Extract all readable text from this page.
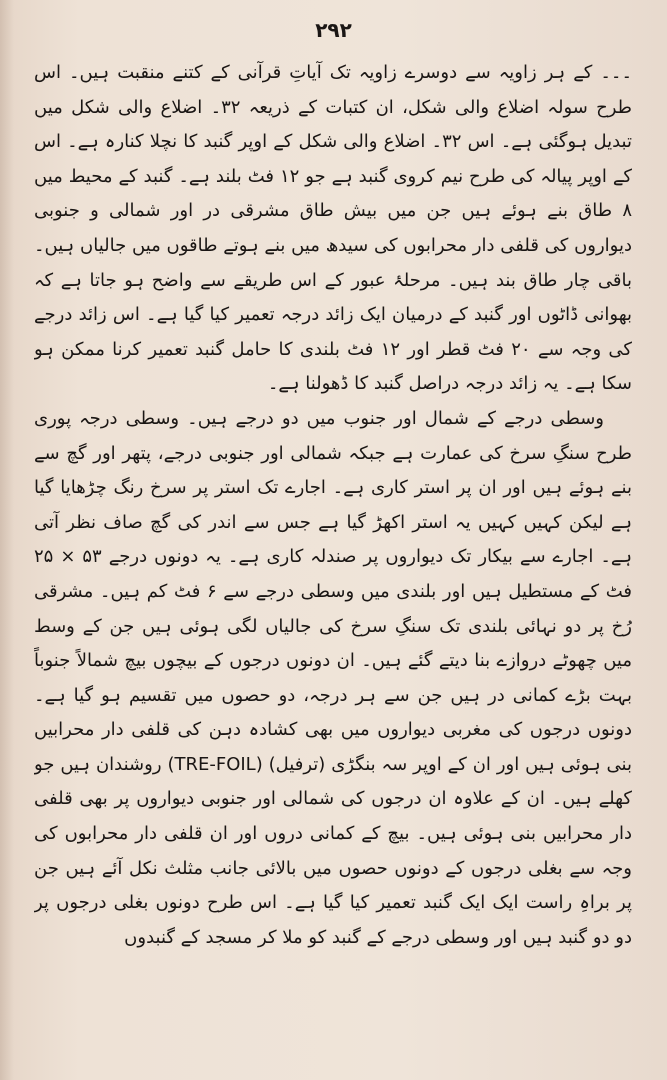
۲۹۲

۔۔۔ کے ہر زاویہ سے دوسرے زاویہ تک آیاتِ قرآنی کے کتنے منقبت ہیں۔ اس طرح سولہ اضلاع والی شکل، ان کتبات کے ذریعہ ۳۲۔ اضلاع والی شکل میں تبدیل ہوگئی ہے۔ اس ۳۲۔ اضلاع والی شکل کے اوپر گنبد کا نچلا کنارہ ہے۔ اس کے اوپر پیالہ کی طرح نیم کروی گنبد ہے جو ۱۲ فٹ بلند ہے۔ گنبد کے محیط میں ۸ طاق بنے ہوئے ہیں جن میں بیش طاق مشرقی در اور شمالی و جنوبی دیواروں کی قلفی دار محرابوں کی سیدھ میں بنے ہوتے طاقوں میں جالیاں ہیں۔ باقی چار طاق بند ہیں۔ مرحلۂ عبور کے اس طریقے سے واضح ہو جاتا ہے کہ بھوانی ڈاٹوں اور گنبد کے درمیان ایک زائد درجہ تعمیر کیا گیا ہے۔ اس زائد درجے کی وجہ سے ۲۰ فٹ قطر اور ۱۲ فٹ بلندی کا حامل گنبد تعمیر کرنا ممکن ہو سکا ہے۔ یہ زائد درجہ دراصل گنبد کا ڈھولنا ہے۔

وسطی درجے کے شمال اور جنوب میں دو درجے ہیں۔ وسطی درجہ پوری طرح سنگِ سرخ کی عمارت ہے جبکہ شمالی اور جنوبی درجے، پتھر اور گچ سے بنے ہوئے ہیں اور ان پر استر کاری ہے۔ اجارے تک استر پر سرخ رنگ چڑھایا گیا ہے لیکن کہیں کہیں یہ استر اکھڑ گیا ہے جس سے اندر کی گچ صاف نظر آتی ہے۔ اجارے سے بیکار تک دیواروں پر صندلہ کاری ہے۔ یہ دونوں درجے ۵۳ × ۲۵ فٹ کے مستطیل ہیں اور بلندی میں وسطی درجے سے ۶ فٹ کم ہیں۔ مشرقی رُخ پر دو نہائی بلندی تک سنگِ سرخ کی جالیاں لگی ہوئی ہیں جن کے وسط میں چھوٹے دروازے بنا دیتے گئے ہیں۔ ان دونوں درجوں کے بیچوں بیچ شمالاً جنوباً بہت بڑے کمانی در ہیں جن سے ہر درجہ، دو حصوں میں تقسیم ہو گیا ہے۔ دونوں درجوں کی مغربی دیواروں میں بھی کشادہ دہن کی قلفی دار محرابیں بنی ہوئی ہیں اور ان کے اوپر سہ بنگڑی (ترفیل) (TRE-FOIL) روشندان ہیں جو کھلے ہیں۔ ان کے علاوہ ان درجوں کی شمالی اور جنوبی دیواروں پر بھی قلفی دار محرابیں بنی ہوئی ہیں۔ بیچ کے کمانی دروں اور ان قلفی دار محرابوں کی وجہ سے بغلی درجوں کے دونوں حصوں میں بالائی جانب مثلث نکل آئے ہیں جن پر براہِ راست ایک ایک گنبد تعمیر کیا گیا ہے۔ اس طرح دونوں بغلی درجوں پر دو دو گنبد ہیں اور وسطی درجے کے گنبد کو ملا کر مسجد کے گنبدوں
